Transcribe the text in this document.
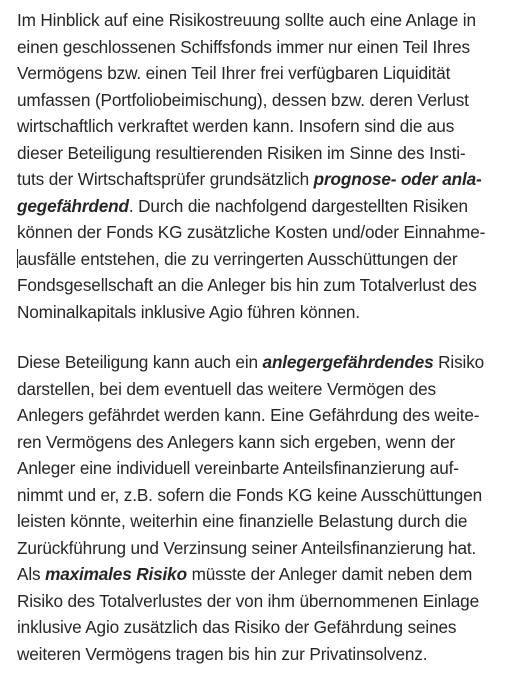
Im Hinblick auf eine Risikostreuung sollte auch eine Anlage in
einen geschlossenen Schiffsfonds immer nur einen Teil Ihres
Vermögens bzw. einen Teil Ihrer frei verfügbaren Liquidität
umfassen (Portfoliobeimischung), dessen bzw. deren Verlust
wirtschaftlich verkraftet werden kann. Insofern sind die aus
dieser Beteiligung resultierenden Risiken im Sinne des Insti-
tuts der Wirtschaftsprüfer grundsätzlich prognose- oder anla-
gegefährdend. Durch die nachfolgend dargestellten Risiken
können der Fonds KG zusätzliche Kosten und/oder Einnahme-
ausfälle entstehen, die zu verringerten Ausschüttungen der
Fondsgesellschaft an die Anleger bis hin zum Totalverlust des
Nominalkapitals inklusive Agio führen können.
Diese Beteiligung kann auch ein anlegergefährdendes Risiko
darstellen, bei dem eventuell das weitere Vermögen des
Anlegers gefährdet werden kann. Eine Gefährdung des weite-
ren Vermögens des Anlegers kann sich ergeben, wenn der
Anleger eine individuell vereinbarte Anteilsfinanzierung auf-
nimmt und er, z.B. sofern die Fonds KG keine Ausschüttungen
leisten könnte, weiterhin eine finanzielle Belastung durch die
Zurückführung und Verzinsung seiner Anteilsfinanzierung hat.
Als maximales Risiko müsste der Anleger damit neben dem
Risiko des Totalverlustes der von ihm übernommenen Einlage
inklusive Agio zusätzlich das Risiko der Gefährdung seines
weiteren Vermögens tragen bis hin zur Privatinsolvenz.
